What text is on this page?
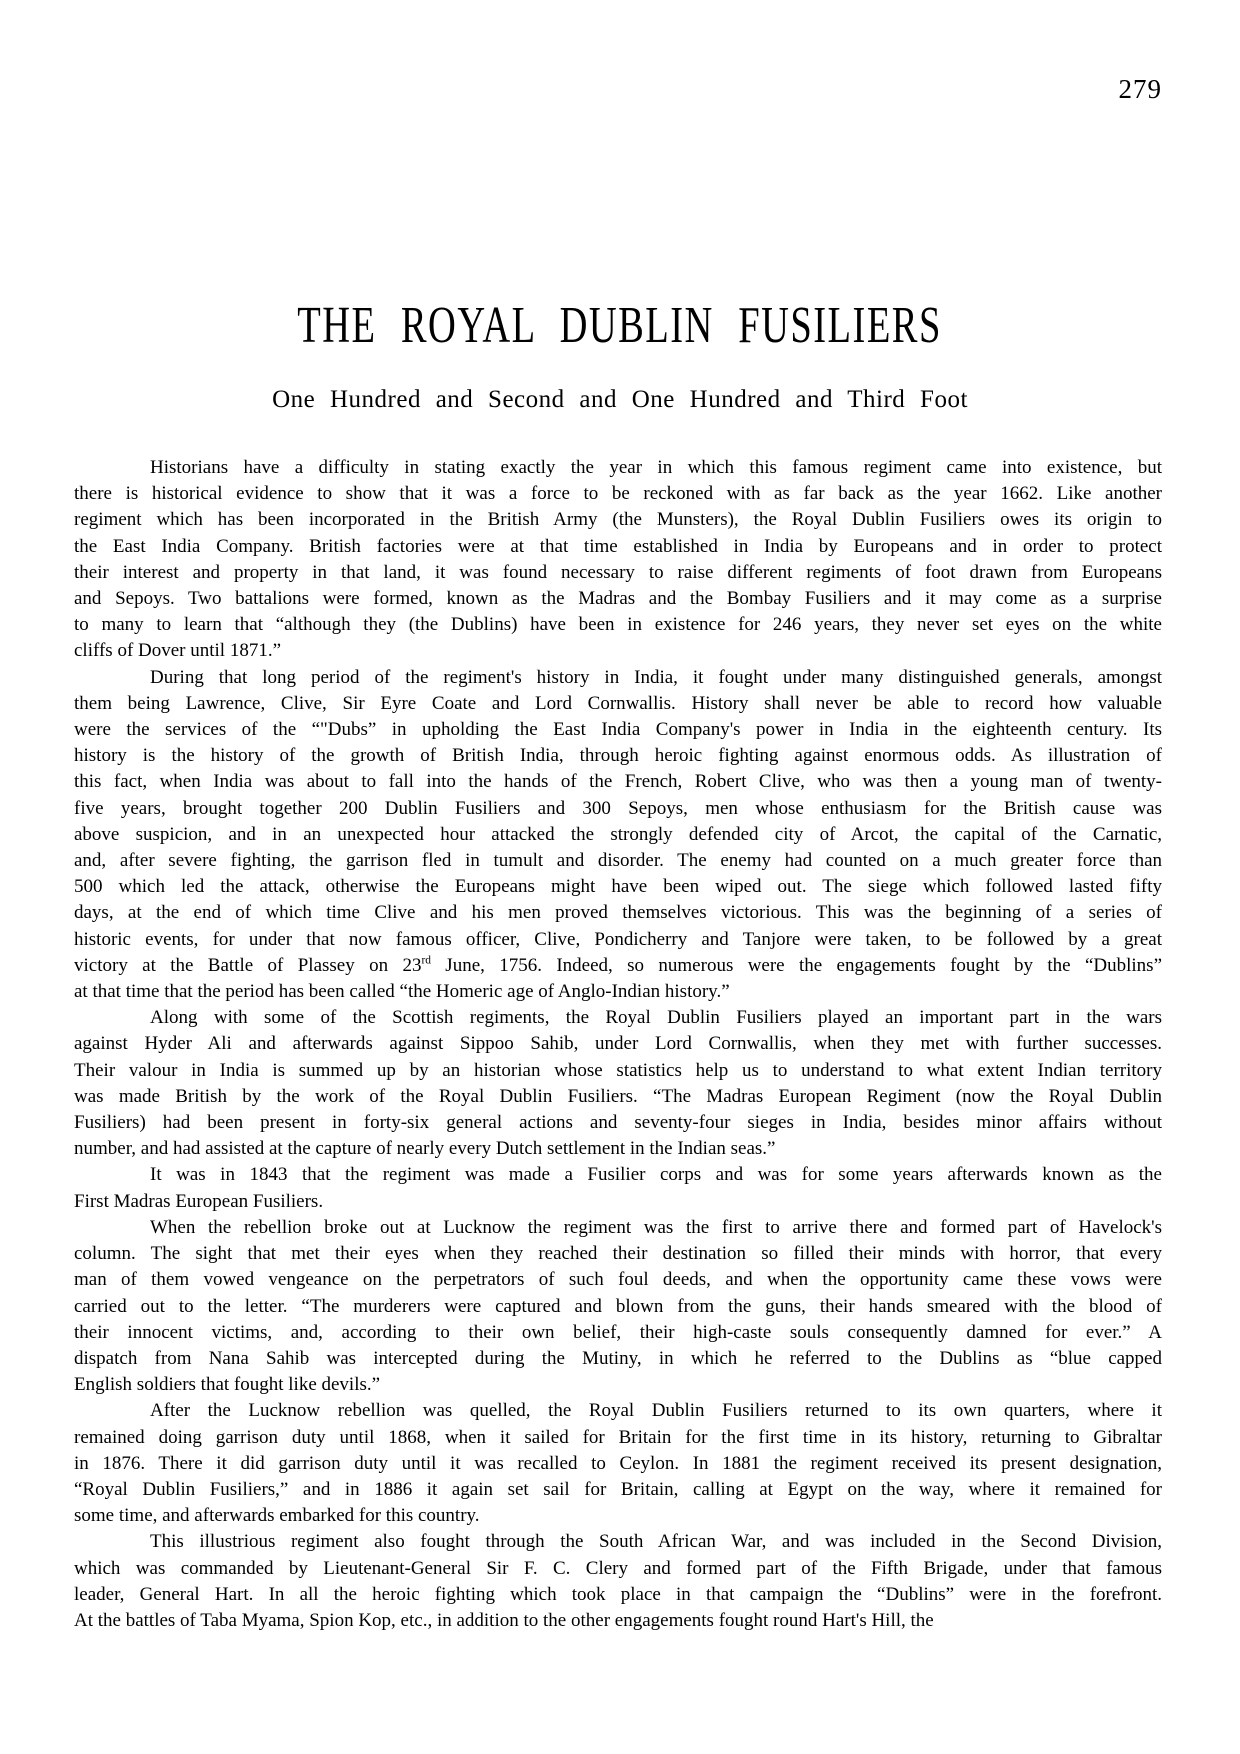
279
THE ROYAL DUBLIN FUSILIERS
One Hundred and Second and One Hundred and Third Foot
Historians have a difficulty in stating exactly the year in which this famous regiment came into existence, but
there is historical evidence to show that it was a force to be reckoned with as far back as the year 1662. Like another
regiment which has been incorporated in the British Army (the Munsters), the Royal Dublin Fusiliers owes its origin to
the East India Company. British factories were at that time established in India by Europeans and in order to protect
their interest and property in that land, it was found necessary to raise different regiments of foot drawn from Europeans
and Sepoys. Two battalions were formed, known as the Madras and the Bombay Fusiliers and it may come as a surprise
to many to learn that “although they (the Dublins) have been in existence for 246 years, they never set eyes on the white
cliffs of Dover until 1871.”
During that long period of the regiment's history in India, it fought under many distinguished generals, amongst
them being Lawrence, Clive, Sir Eyre Coate and Lord Cornwallis. History shall never be able to record how valuable
were the services of the “"Dubs” in upholding the East India Company's power in India in the eighteenth century. Its
history is the history of the growth of British India, through heroic fighting against enormous odds. As illustration of
this fact, when India was about to fall into the hands of the French, Robert Clive, who was then a young man of twenty-
five years, brought together 200 Dublin Fusiliers and 300 Sepoys, men whose enthusiasm for the British cause was
above suspicion, and in an unexpected hour attacked the strongly defended city of Arcot, the capital of the Carnatic,
and, after severe fighting, the garrison fled in tumult and disorder. The enemy had counted on a much greater force than
500 which led the attack, otherwise the Europeans might have been wiped out. The siege which followed lasted fifty
days, at the end of which time Clive and his men proved themselves victorious. This was the beginning of a series of
historic events, for under that now famous officer, Clive, Pondicherry and Tanjore were taken, to be followed by a great
victory at the Battle of Plassey on 23rd June, 1756. Indeed, so numerous were the engagements fought by the “Dublins”
at that time that the period has been called “the Homeric age of Anglo-Indian history.”
Along with some of the Scottish regiments, the Royal Dublin Fusiliers played an important part in the wars
against Hyder Ali and afterwards against Sippoo Sahib, under Lord Cornwallis, when they met with further successes.
Their valour in India is summed up by an historian whose statistics help us to understand to what extent Indian territory
was made British by the work of the Royal Dublin Fusiliers. “The Madras European Regiment (now the Royal Dublin
Fusiliers) had been present in forty-six general actions and seventy-four sieges in India, besides minor affairs without
number, and had assisted at the capture of nearly every Dutch settlement in the Indian seas.”
It was in 1843 that the regiment was made a Fusilier corps and was for some years afterwards known as the
First Madras European Fusiliers.
When the rebellion broke out at Lucknow the regiment was the first to arrive there and formed part of Havelock's
column. The sight that met their eyes when they reached their destination so filled their minds with horror, that every
man of them vowed vengeance on the perpetrators of such foul deeds, and when the opportunity came these vows were
carried out to the letter. “The murderers were captured and blown from the guns, their hands smeared with the blood of
their innocent victims, and, according to their own belief, their high-caste souls consequently damned for ever.” A
dispatch from Nana Sahib was intercepted during the Mutiny, in which he referred to the Dublins as “blue capped
English soldiers that fought like devils.”
After the Lucknow rebellion was quelled, the Royal Dublin Fusiliers returned to its own quarters, where it
remained doing garrison duty until 1868, when it sailed for Britain for the first time in its history, returning to Gibraltar
in 1876. There it did garrison duty until it was recalled to Ceylon. In 1881 the regiment received its present designation,
“Royal Dublin Fusiliers,” and in 1886 it again set sail for Britain, calling at Egypt on the way, where it remained for
some time, and afterwards embarked for this country.
This illustrious regiment also fought through the South African War, and was included in the Second Division,
which was commanded by Lieutenant-General Sir F. C. Clery and formed part of the Fifth Brigade, under that famous
leader, General Hart. In all the heroic fighting which took place in that campaign the “Dublins” were in the forefront.
At the battles of Taba Myama, Spion Kop, etc., in addition to the other engagements fought round Hart's Hill, the
